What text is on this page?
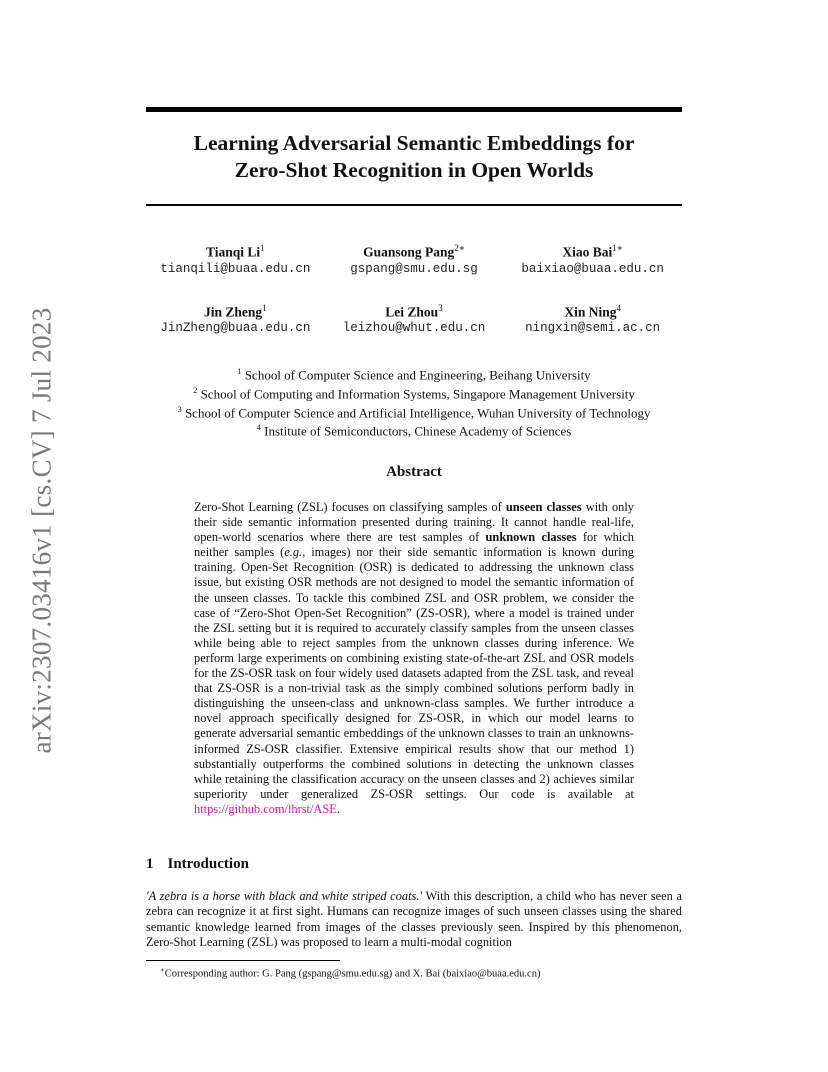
arXiv:2307.03416v1 [cs.CV] 7 Jul 2023
Learning Adversarial Semantic Embeddings for
Zero-Shot Recognition in Open Worlds
Tianqi Li$^1$
tianqili@buaa.edu.cn
Guansong Pang$^{2∗}$
gspang@smu.edu.sg
Xiao Bai$^{1∗}$
baixiao@buaa.edu.cn
Jin Zheng$^1$
JinZheng@buaa.edu.cn
Lei Zhou$^3$
leizhou@whut.edu.cn
Xin Ning$^4$
ningxin@semi.ac.cn
$^1$ School of Computer Science and Engineering, Beihang University
$^2$ School of Computing and Information Systems, Singapore Management University
$^3$ School of Computer Science and Artificial Intelligence, Wuhan University of Technology
$^4$ Institute of Semiconductors, Chinese Academy of Sciences
Abstract
Zero-Shot Learning (ZSL) focuses on classifying samples of unseen classes with only their side semantic information presented during training. It cannot handle real-life, open-world scenarios where there are test samples of unknown classes for which neither samples (e.g., images) nor their side semantic information is known during training. Open-Set Recognition (OSR) is dedicated to addressing the unknown class issue, but existing OSR methods are not designed to model the semantic information of the unseen classes. To tackle this combined ZSL and OSR problem, we consider the case of “Zero-Shot Open-Set Recognition” (ZS-OSR), where a model is trained under the ZSL setting but it is required to accurately classify samples from the unseen classes while being able to reject samples from the unknown classes during inference. We perform large experiments on combining existing state-of-the-art ZSL and OSR models for the ZS-OSR task on four widely used datasets adapted from the ZSL task, and reveal that ZS-OSR is a non-trivial task as the simply combined solutions perform badly in distinguishing the unseen-class and unknown-class samples. We further introduce a novel approach specifically designed for ZS-OSR, in which our model learns to generate adversarial semantic embeddings of the unknown classes to train an unknowns-informed ZS-OSR classifier. Extensive empirical results show that our method 1) substantially outperforms the combined solutions in detecting the unknown classes while retaining the classification accuracy on the unseen classes and 2) achieves similar superiority under generalized ZS-OSR settings. Our code is available at https://github.com/lhrst/ASE.
1 Introduction
'A zebra is a horse with black and white striped coats.' With this description, a child who has never seen a zebra can recognize it at first sight. Humans can recognize images of such unseen classes using the shared semantic knowledge learned from images of the classes previously seen. Inspired by this phenomenon, Zero-Shot Learning (ZSL) was proposed to learn a multi-modal cognition
∗Corresponding author: G. Pang (gspang@smu.edu.sg) and X. Bai (baixiao@buaa.edu.cn)
